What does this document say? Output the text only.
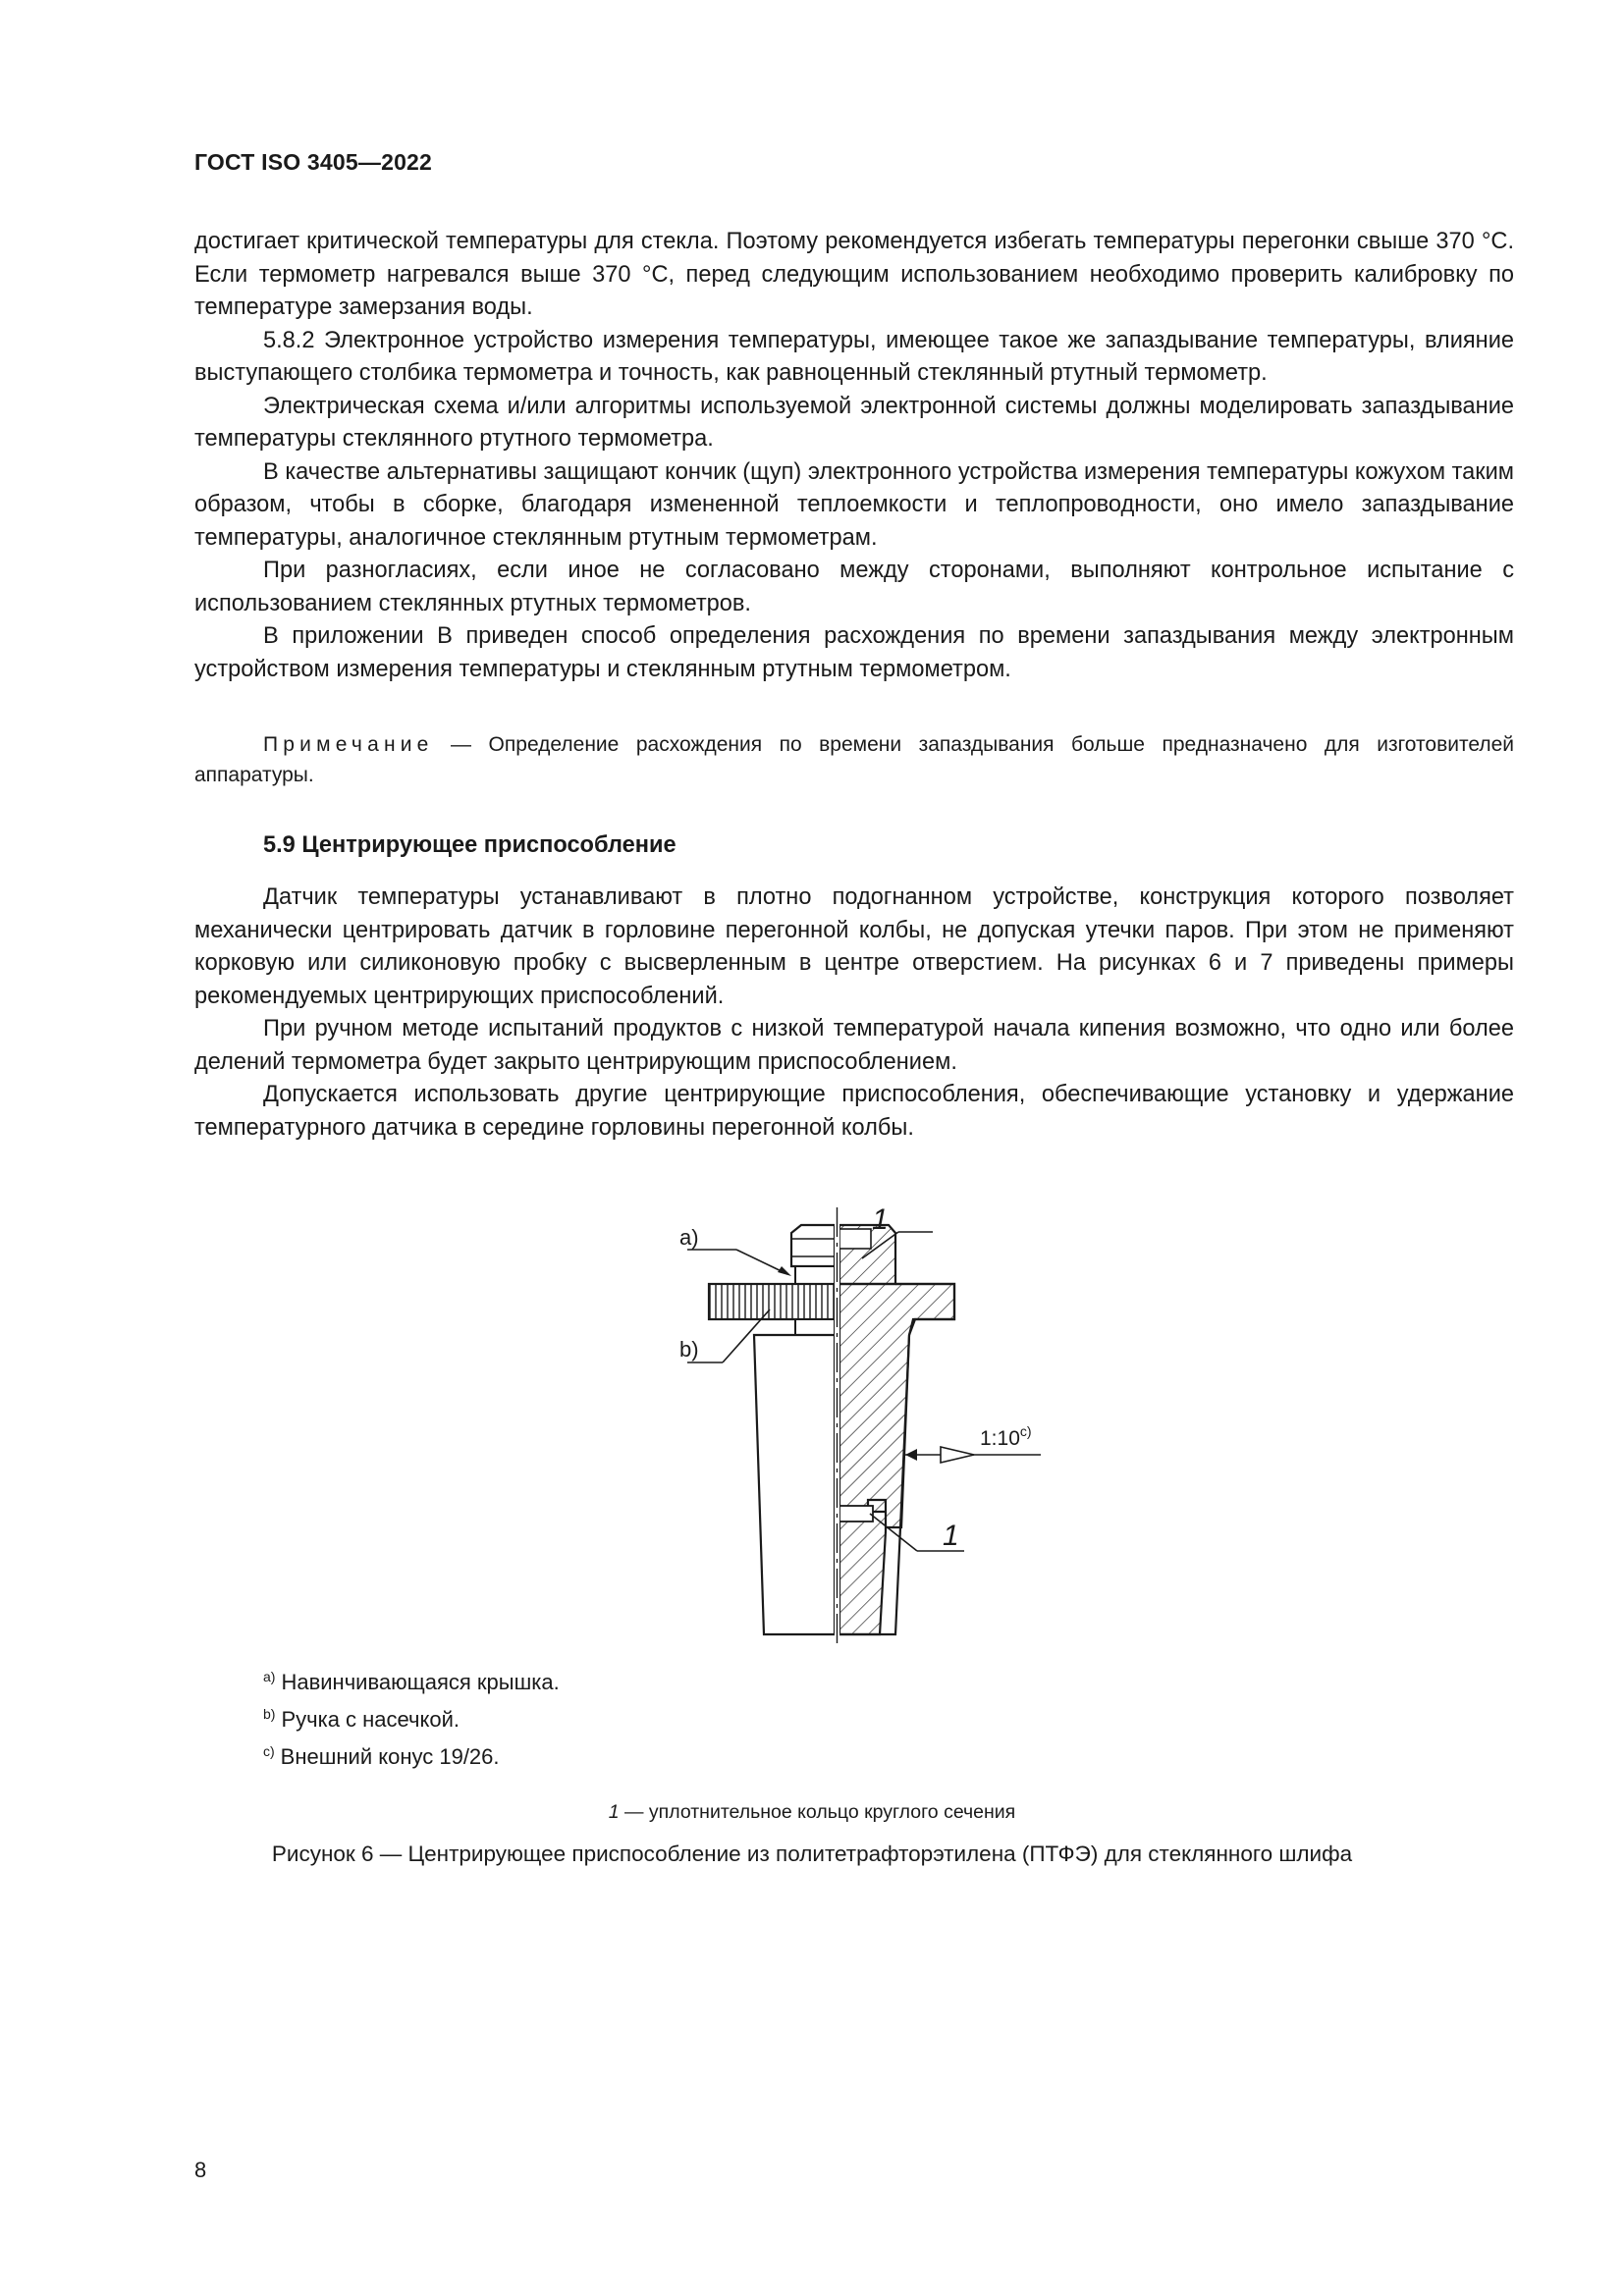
ГОСТ ISO 3405—2022

достигает критической температуры для стекла. Поэтому рекомендуется избегать температуры перегонки свыше 370 °C. Если термометр нагревался выше 370 °C, перед следующим использованием необходимо проверить калибровку по температуре замерзания воды.

5.8.2 Электронное устройство измерения температуры, имеющее такое же запаздывание температуры, влияние выступающего столбика термометра и точность, как равноценный стеклянный ртутный термометр.

Электрическая схема и/или алгоритмы используемой электронной системы должны моделировать запаздывание температуры стеклянного ртутного термометра.

В качестве альтернативы защищают кончик (щуп) электронного устройства измерения температуры кожухом таким образом, чтобы в сборке, благодаря измененной теплоемкости и теплопроводности, оно имело запаздывание температуры, аналогичное стеклянным ртутным термометрам.

При разногласиях, если иное не согласовано между сторонами, выполняют контрольное испытание с использованием стеклянных ртутных термометров.

В приложении В приведен способ определения расхождения по времени запаздывания между электронным устройством измерения температуры и стеклянным ртутным термометром.

Примечание — Определение расхождения по времени запаздывания больше предназначено для изготовителей аппаратуры.
5.9 Центрирующее приспособление

Датчик температуры устанавливают в плотно подогнанном устройстве, конструкция которого позволяет механически центрировать датчик в горловине перегонной колбы, не допуская утечки паров. При этом не применяют корковую или силиконовую пробку с высверленным в центре отверстием. На рисунках 6 и 7 приведены примеры рекомендуемых центрирующих приспособлений.

При ручном методе испытаний продуктов с низкой температурой начала кипения возможно, что одно или более делений термометра будет закрыто центрирующим приспособлением.

Допускается использовать другие центрирующие приспособления, обеспечивающие установку и удержание температурного датчика в середине горловины перегонной колбы.

a)
b)
1
1
1:10$^{c)}$
$^{a)}$ Навинчивающаяся крышка.
$^{b)}$ Ручка с насечкой.
$^{c)}$ Внешний конус 19/26.
1 — уплотнительное кольцо круглого сечения
Рисунок 6 — Центрирующее приспособление из политетрафторэтилена (ПТФЭ) для стеклянного шлифа
8
